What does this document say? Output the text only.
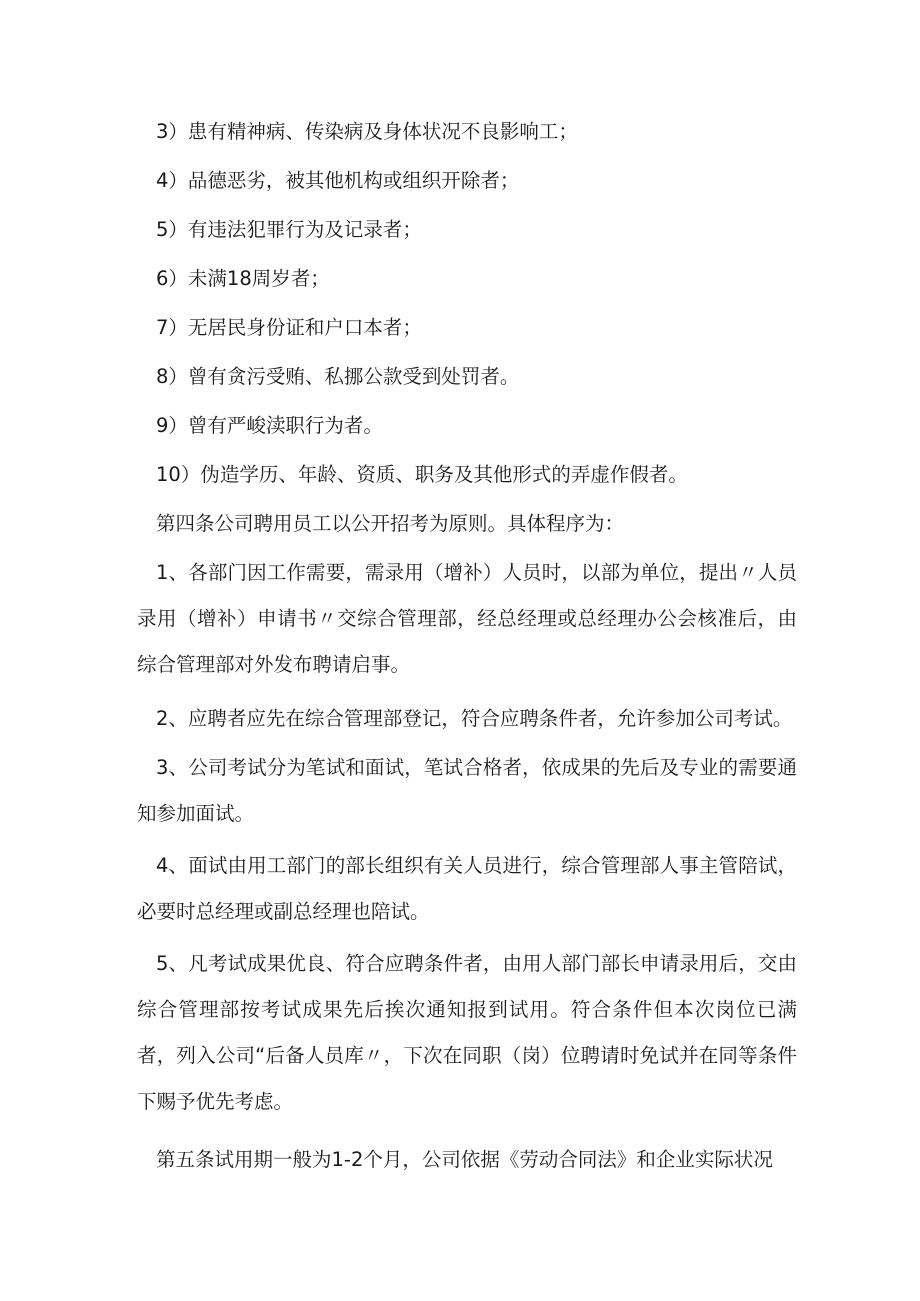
3）患有精神病、传染病及身体状况不良影响工；

4）品德恶劣，被其他机构或组织开除者；

5）有违法犯罪行为及记录者；

6）未满18周岁者；

7）无居民身份证和户口本者；

8）曾有贪污受贿、私挪公款受到处罚者。

9）曾有严峻渎职行为者。

10）伪造学历、年龄、资质、职务及其他形式的弄虚作假者。

第四条公司聘用员工以公开招考为原则。具体程序为：

1、各部门因工作需要，需录用（增补）人员时，以部为单位，提出〃人员录用（增补）申请书〃交综合管理部，经总经理或总经理办公会核准后，由综合管理部对外发布聘请启事。

2、应聘者应先在综合管理部登记，符合应聘条件者，允许参加公司考试。

3、公司考试分为笔试和面试，笔试合格者，依成果的先后及专业的需要通知参加面试。

4、面试由用工部门的部长组织有关人员进行，综合管理部人事主管陪试，必要时总经理或副总经理也陪试。

5、凡考试成果优良、符合应聘条件者，由用人部门部长申请录用后，交由综合管理部按考试成果先后挨次通知报到试用。符合条件但本次岗位已满者，列入公司“后备人员库〃，下次在同职（岗）位聘请时免试并在同等条件下赐予优先考虑。

第五条试用期一般为1-2个月，公司依据《劳动合同法》和企业实际状况
